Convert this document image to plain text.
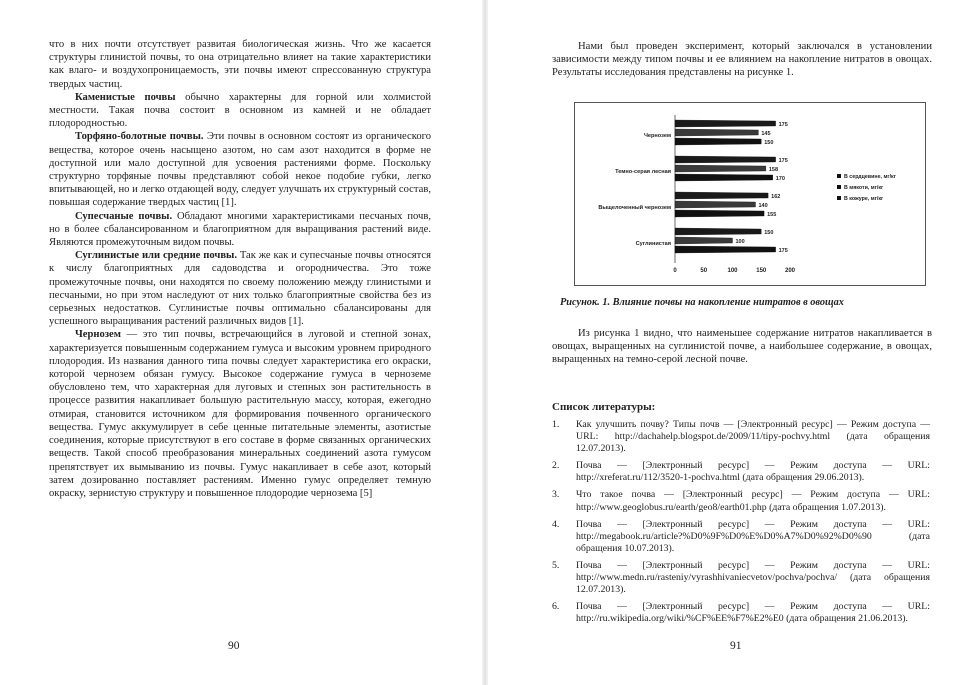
что в них почти отсутствует развитая биологическая жизнь. Что же касается структуры глинистой почвы, то она отрицательно влияет на такие характеристики как влаго- и воздухопроницаемость, эти почвы имеют спрессованную структура твердых частиц.

Каменистые почвы обычно характерны для горной или холмистой местности. Такая почва состоит в основном из камней и не обладает плодородностью.

Торфяно-болотные почвы. Эти почвы в основном состоят из органического вещества, которое очень насыщено азотом, но сам азот находится в форме не доступной или мало доступной для усвоения растениями форме. Поскольку структурно торфяные почвы представляют собой некое подобие губки, легко впитывающей, но и легко отдающей воду, следует улучшать их структурный состав, повышая содержание твердых частиц [1].

Супесчаные почвы. Обладают многими характеристиками песчаных почв, но в более сбалансированном и благоприятном для выращивания растений виде. Являются промежуточным видом почвы.

Суглинистые или средние почвы. Так же как и супесчаные почвы относятся к числу благоприятных для садоводства и огородничества. Это тоже промежуточные почвы, они находятся по своему положению между глинистыми и песчаными, но при этом наследуют от них только благоприятные свойства без из серьезных недостатков. Суглинистые почвы оптимально сбалансированы для успешного выращивания растений различных видов [1].

Чернозем — это тип почвы, встречающийся в луговой и степной зонах, характеризуется повышенным содержанием гумуса и высоким уровнем природного плодородия. Из названия данного типа почвы следует характеристика его окраски, которой чернозем обязан гумусу. Высокое содержание гумуса в черноземе обусловлено тем, что характерная для луговых и степных зон растительность в процессе развития накапливает большую растительную массу, которая, ежегодно отмирая, становится источником для формирования почвенного органического вещества. Гумус аккумулирует в себе ценные питательные элементы, азотистые соединения, которые присутствуют в его составе в форме связанных органических веществ. Такой способ преобразования минеральных соединений азота гумусом препятствует их вымыванию из почвы. Гумус накапливает в себе азот, который затем дозированно поставляет растениям. Именно гумус определяет темную окраску, зернистую структуру и повышенное плодородие чернозема [5]

90
Нами был проведен эксперимент, который заключался в установлении зависимости между типом почвы и ее влиянием на накопление нитратов в овощах. Результаты исследования представлены на рисунке 1.
0	50	100	150	200
Чернозем
175
145
150
Темно-серая лесная
175
158
170
Выщелоченный чернозем
162
140
155
Суглинистая
150
100
175
В сердцевине, мг/кг
В мякоти, мг/кг
В кожуре, мг/кг
Рисунок. 1. Влияние почвы на накопление нитратов в овощах
Из рисунка 1 видно, что наименьшее содержание нитратов накапливается в овощах, выращенных на суглинистой почве, а наибольшее содержание, в овощах, выращенных на темно-серой лесной почве.
Список литературы:
1. Как улучшить почву? Типы почв — [Электронный ресурс] — Режим доступа — URL: http://dachahelp.blogspot.de/2009/11/tipy-pochvy.html (дата обращения 12.07.2013).
2. Почва — [Электронный ресурс] — Режим доступа — URL: http://xreferat.ru/112/3520-1-pochva.html (дата обращения 29.06.2013).
3. Что такое почва — [Электронный ресурс] — Режим доступа — URL: http://www.geoglobus.ru/earth/geo8/earth01.php (дата обращения 1.07.2013).
4. Почва — [Электронный ресурс] — Режим доступа — URL: http://megabook.ru/article?%D0%9F%D0%E%D0%A7%D0%92%D0%90 (дата обращения 10.07.2013).
5. Почва — [Электронный ресурс] — Режим доступа — URL: http://www.medn.ru/rasteniy/vyrashhivaniecvetov/pochva/pochva/ (дата обращения 12.07.2013).
6. Почва — [Электронный ресурс] — Режим доступа — URL: http://ru.wikipedia.org/wiki/%CF%EE%F7%E2%E0 (дата обращения 21.06.2013).
91
